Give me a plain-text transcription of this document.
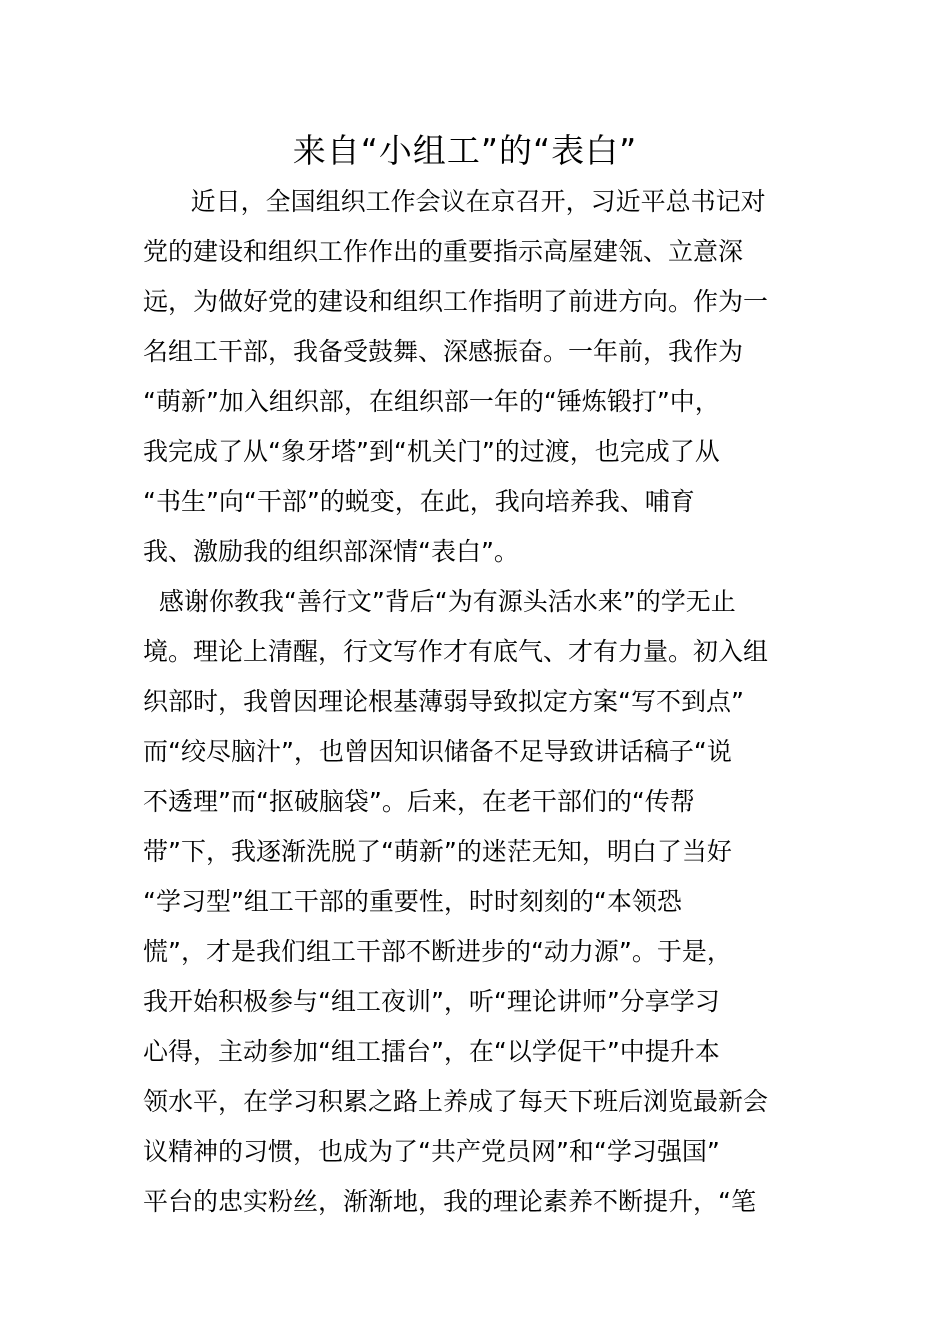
来自“小组工”的“表白”
近日，全国组织工作会议在京召开，习近平总书记对
党的建设和组织工作作出的重要指示高屋建瓴、立意深
远，为做好党的建设和组织工作指明了前进方向。作为一
名组工干部，我备受鼓舞、深感振奋。一年前，我作为
“萌新”加入组织部，在组织部一年的“锤炼锻打”中，
我完成了从“象牙塔”到“机关门”的过渡，也完成了从
“书生”向“干部”的蜕变，在此，我向培养我、哺育
我、激励我的组织部深情“表白”。
感谢你教我“善行文”背后“为有源头活水来”的学无止
境。理论上清醒，行文写作才有底气、才有力量。初入组
织部时，我曾因理论根基薄弱导致拟定方案“写不到点”
而“绞尽脑汁”，也曾因知识储备不足导致讲话稿子“说
不透理”而“抠破脑袋”。后来，在老干部们的“传帮
带”下，我逐渐洗脱了“萌新”的迷茫无知，明白了当好
“学习型”组工干部的重要性，时时刻刻的“本领恐
慌”，才是我们组工干部不断进步的“动力源”。于是，
我开始积极参与“组工夜训”，听“理论讲师”分享学习
心得，主动参加“组工擂台”，在“以学促干”中提升本
领水平，在学习积累之路上养成了每天下班后浏览最新会
议精神的习惯，也成为了“共产党员网”和“学习强国”
平台的忠实粉丝，渐渐地，我的理论素养不断提升，“笔
